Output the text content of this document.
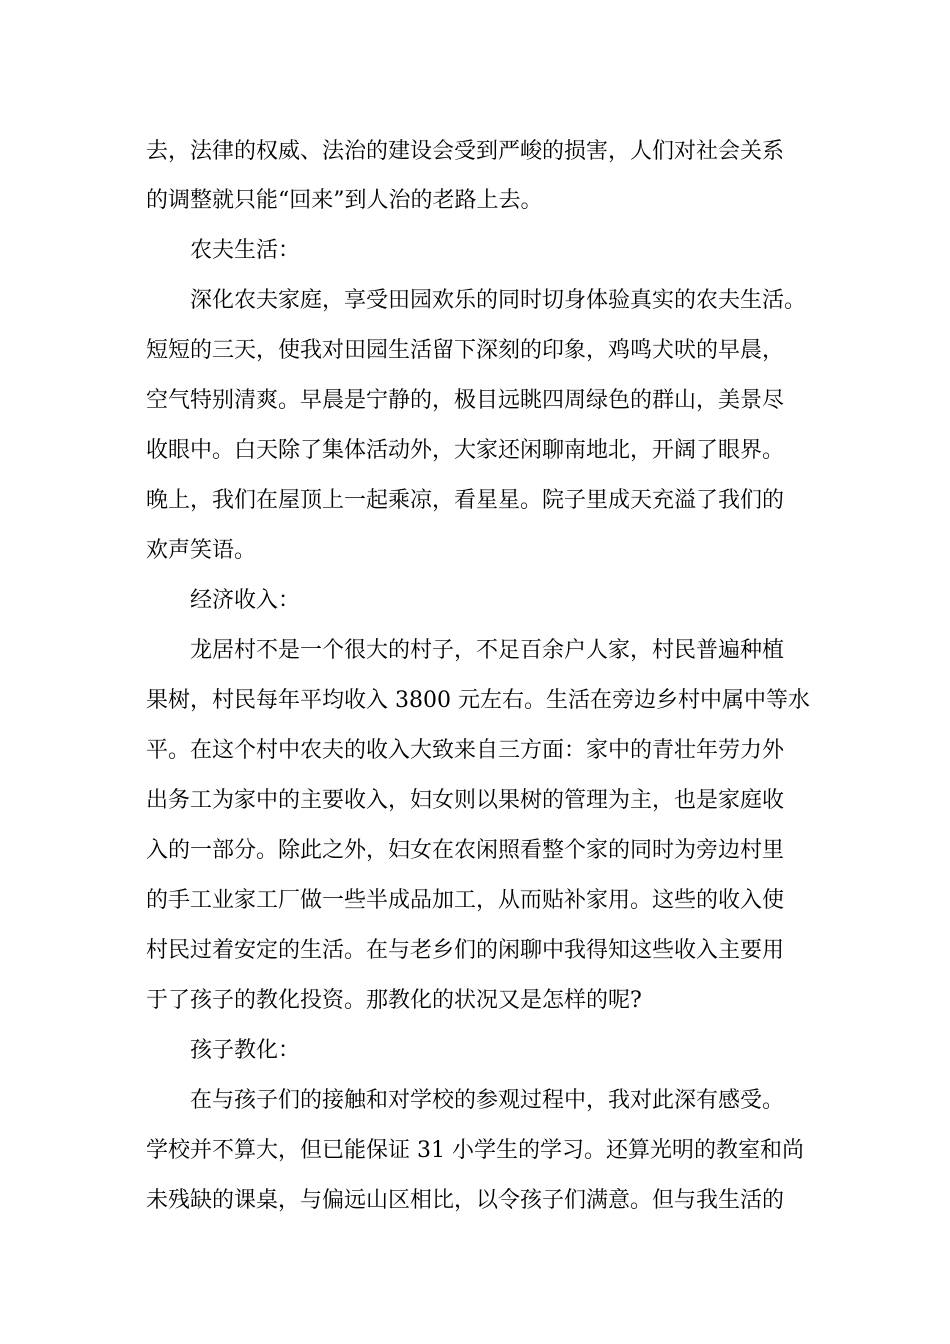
去，法律的权威、法治的建设会受到严峻的损害，人们对社会关系
的调整就只能“回来”到人治的老路上去。
农夫生活：
深化农夫家庭，享受田园欢乐的同时切身体验真实的农夫生活。
短短的三天，使我对田园生活留下深刻的印象，鸡鸣犬吠的早晨，
空气特别清爽。早晨是宁静的，极目远眺四周绿色的群山，美景尽
收眼中。白天除了集体活动外，大家还闲聊南地北，开阔了眼界。
晚上，我们在屋顶上一起乘凉，看星星。院子里成天充溢了我们的
欢声笑语。
经济收入：
龙居村不是一个很大的村子，不足百余户人家，村民普遍种植
果树，村民每年平均收入 3800 元左右。生活在旁边乡村中属中等水
平。在这个村中农夫的收入大致来自三方面：家中的青壮年劳力外
出务工为家中的主要收入，妇女则以果树的管理为主，也是家庭收
入的一部分。除此之外，妇女在农闲照看整个家的同时为旁边村里
的手工业家工厂做一些半成品加工，从而贴补家用。这些的收入使
村民过着安定的生活。在与老乡们的闲聊中我得知这些收入主要用
于了孩子的教化投资。那教化的状况又是怎样的呢?
孩子教化：
在与孩子们的接触和对学校的参观过程中，我对此深有感受。
学校并不算大，但已能保证 31 小学生的学习。还算光明的教室和尚
未残缺的课桌，与偏远山区相比，以令孩子们满意。但与我生活的
